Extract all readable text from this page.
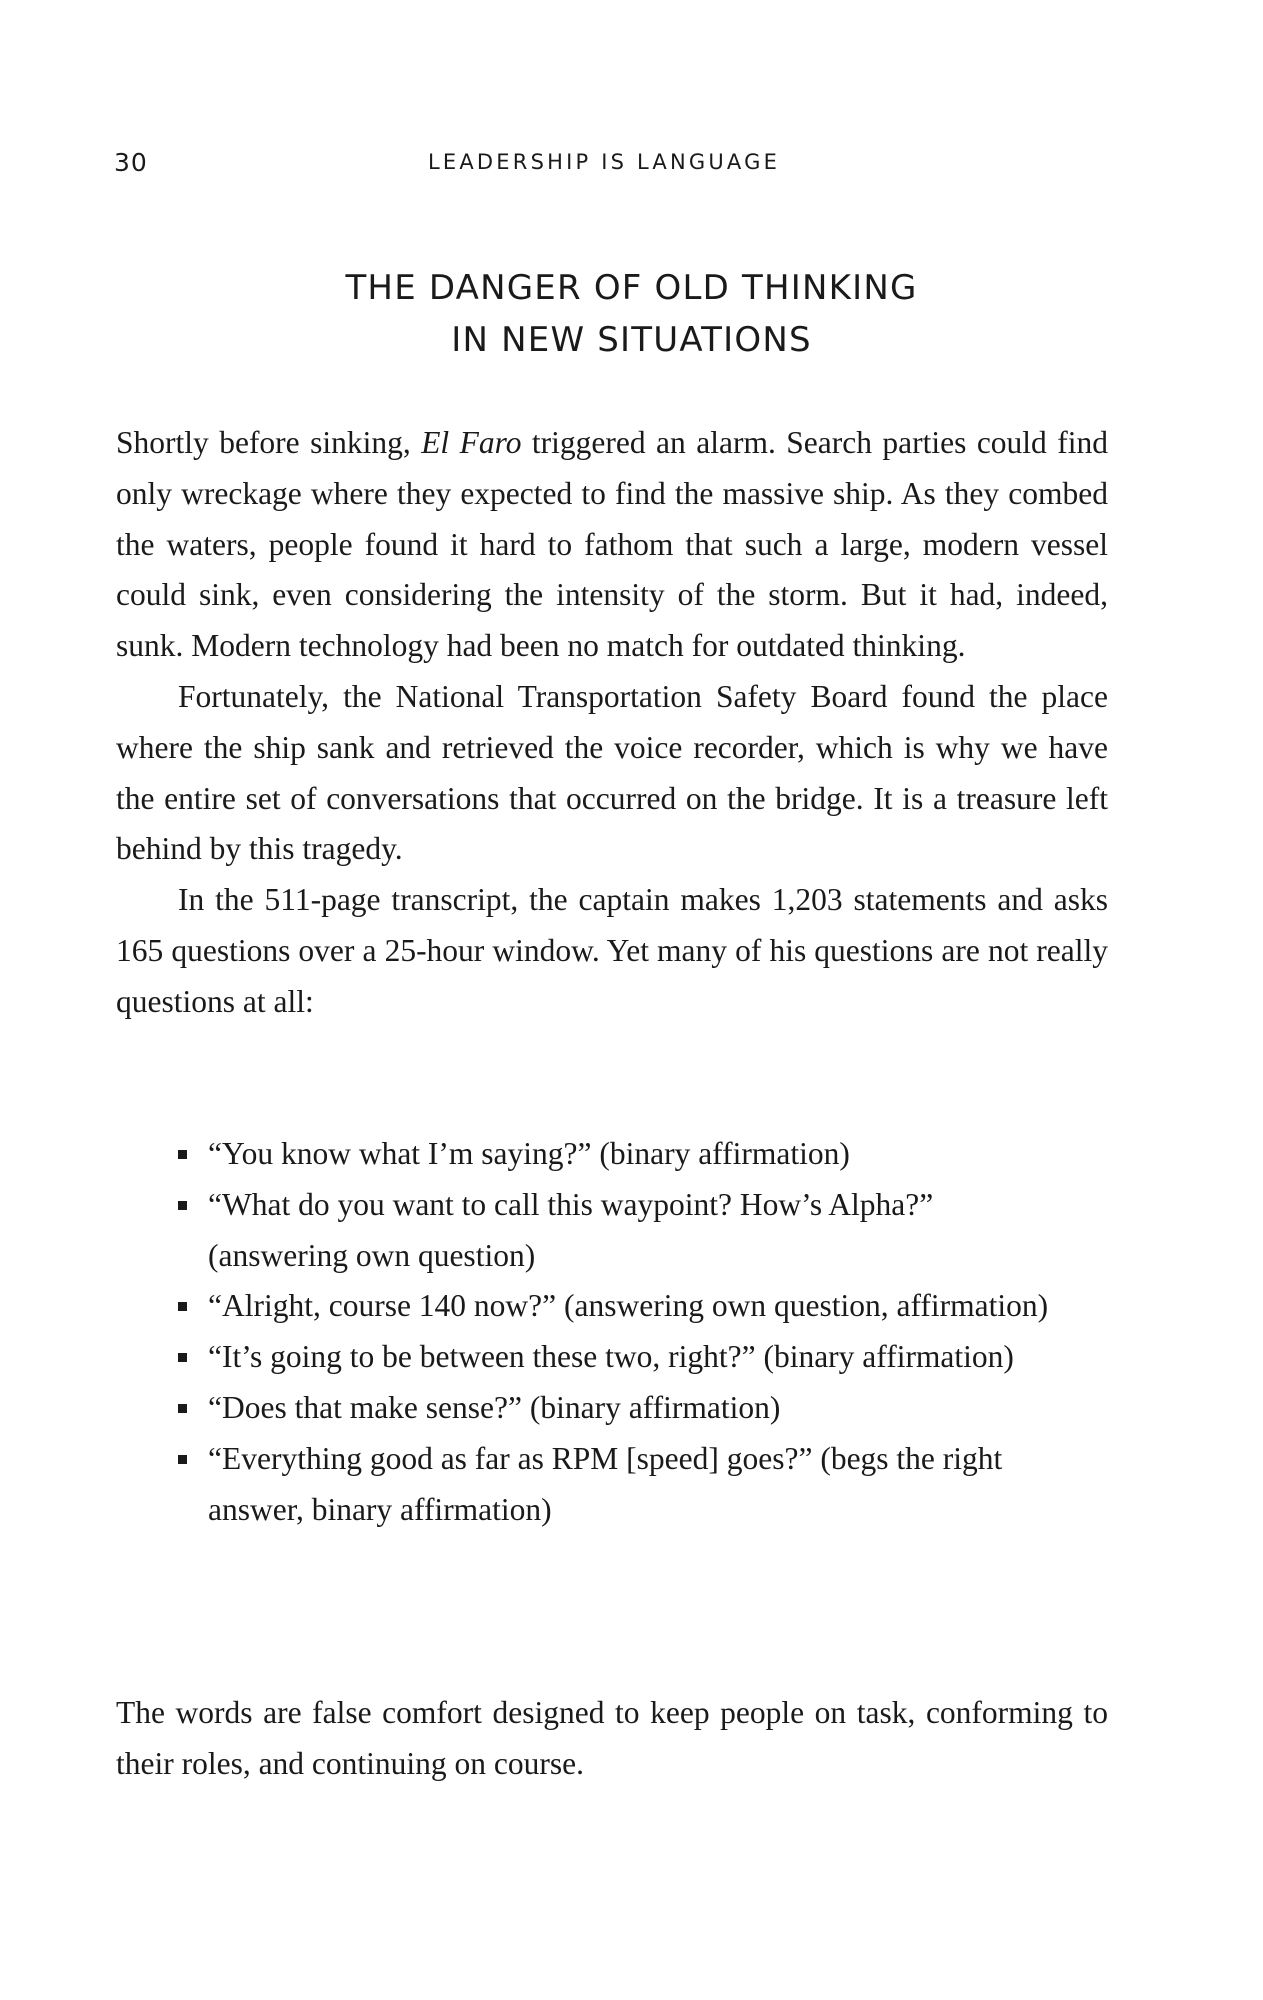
30	LEADERSHIP IS LANGUAGE
THE DANGER OF OLD THINKING
IN NEW SITUATIONS

Shortly before sinking, El Faro triggered an alarm. Search parties could find only wreckage where they expected to find the massive ship. As they combed the waters, people found it hard to fathom that such a large, modern vessel could sink, even considering the intensity of the storm. But it had, indeed, sunk. Modern technology had been no match for outdated thinking.

Fortunately, the National Transportation Safety Board found the place where the ship sank and retrieved the voice recorder, which is why we have the entire set of conversations that occurred on the bridge. It is a treasure left behind by this tragedy.

In the 511-page transcript, the captain makes 1,203 statements and asks 165 questions over a 25-hour window. Yet many of his questions are not really questions at all:

“You know what I’m saying?” (binary affirmation)
“What do you want to call this waypoint? How’s Alpha?” (answering own question)
“Alright, course 140 now?” (answering own question, affirmation)
“It’s going to be between these two, right?” (binary affirmation)
“Does that make sense?” (binary affirmation)
“Everything good as far as RPM [speed] goes?” (begs the right answer, binary affirmation)

The words are false comfort designed to keep people on task, conforming to their roles, and continuing on course.
